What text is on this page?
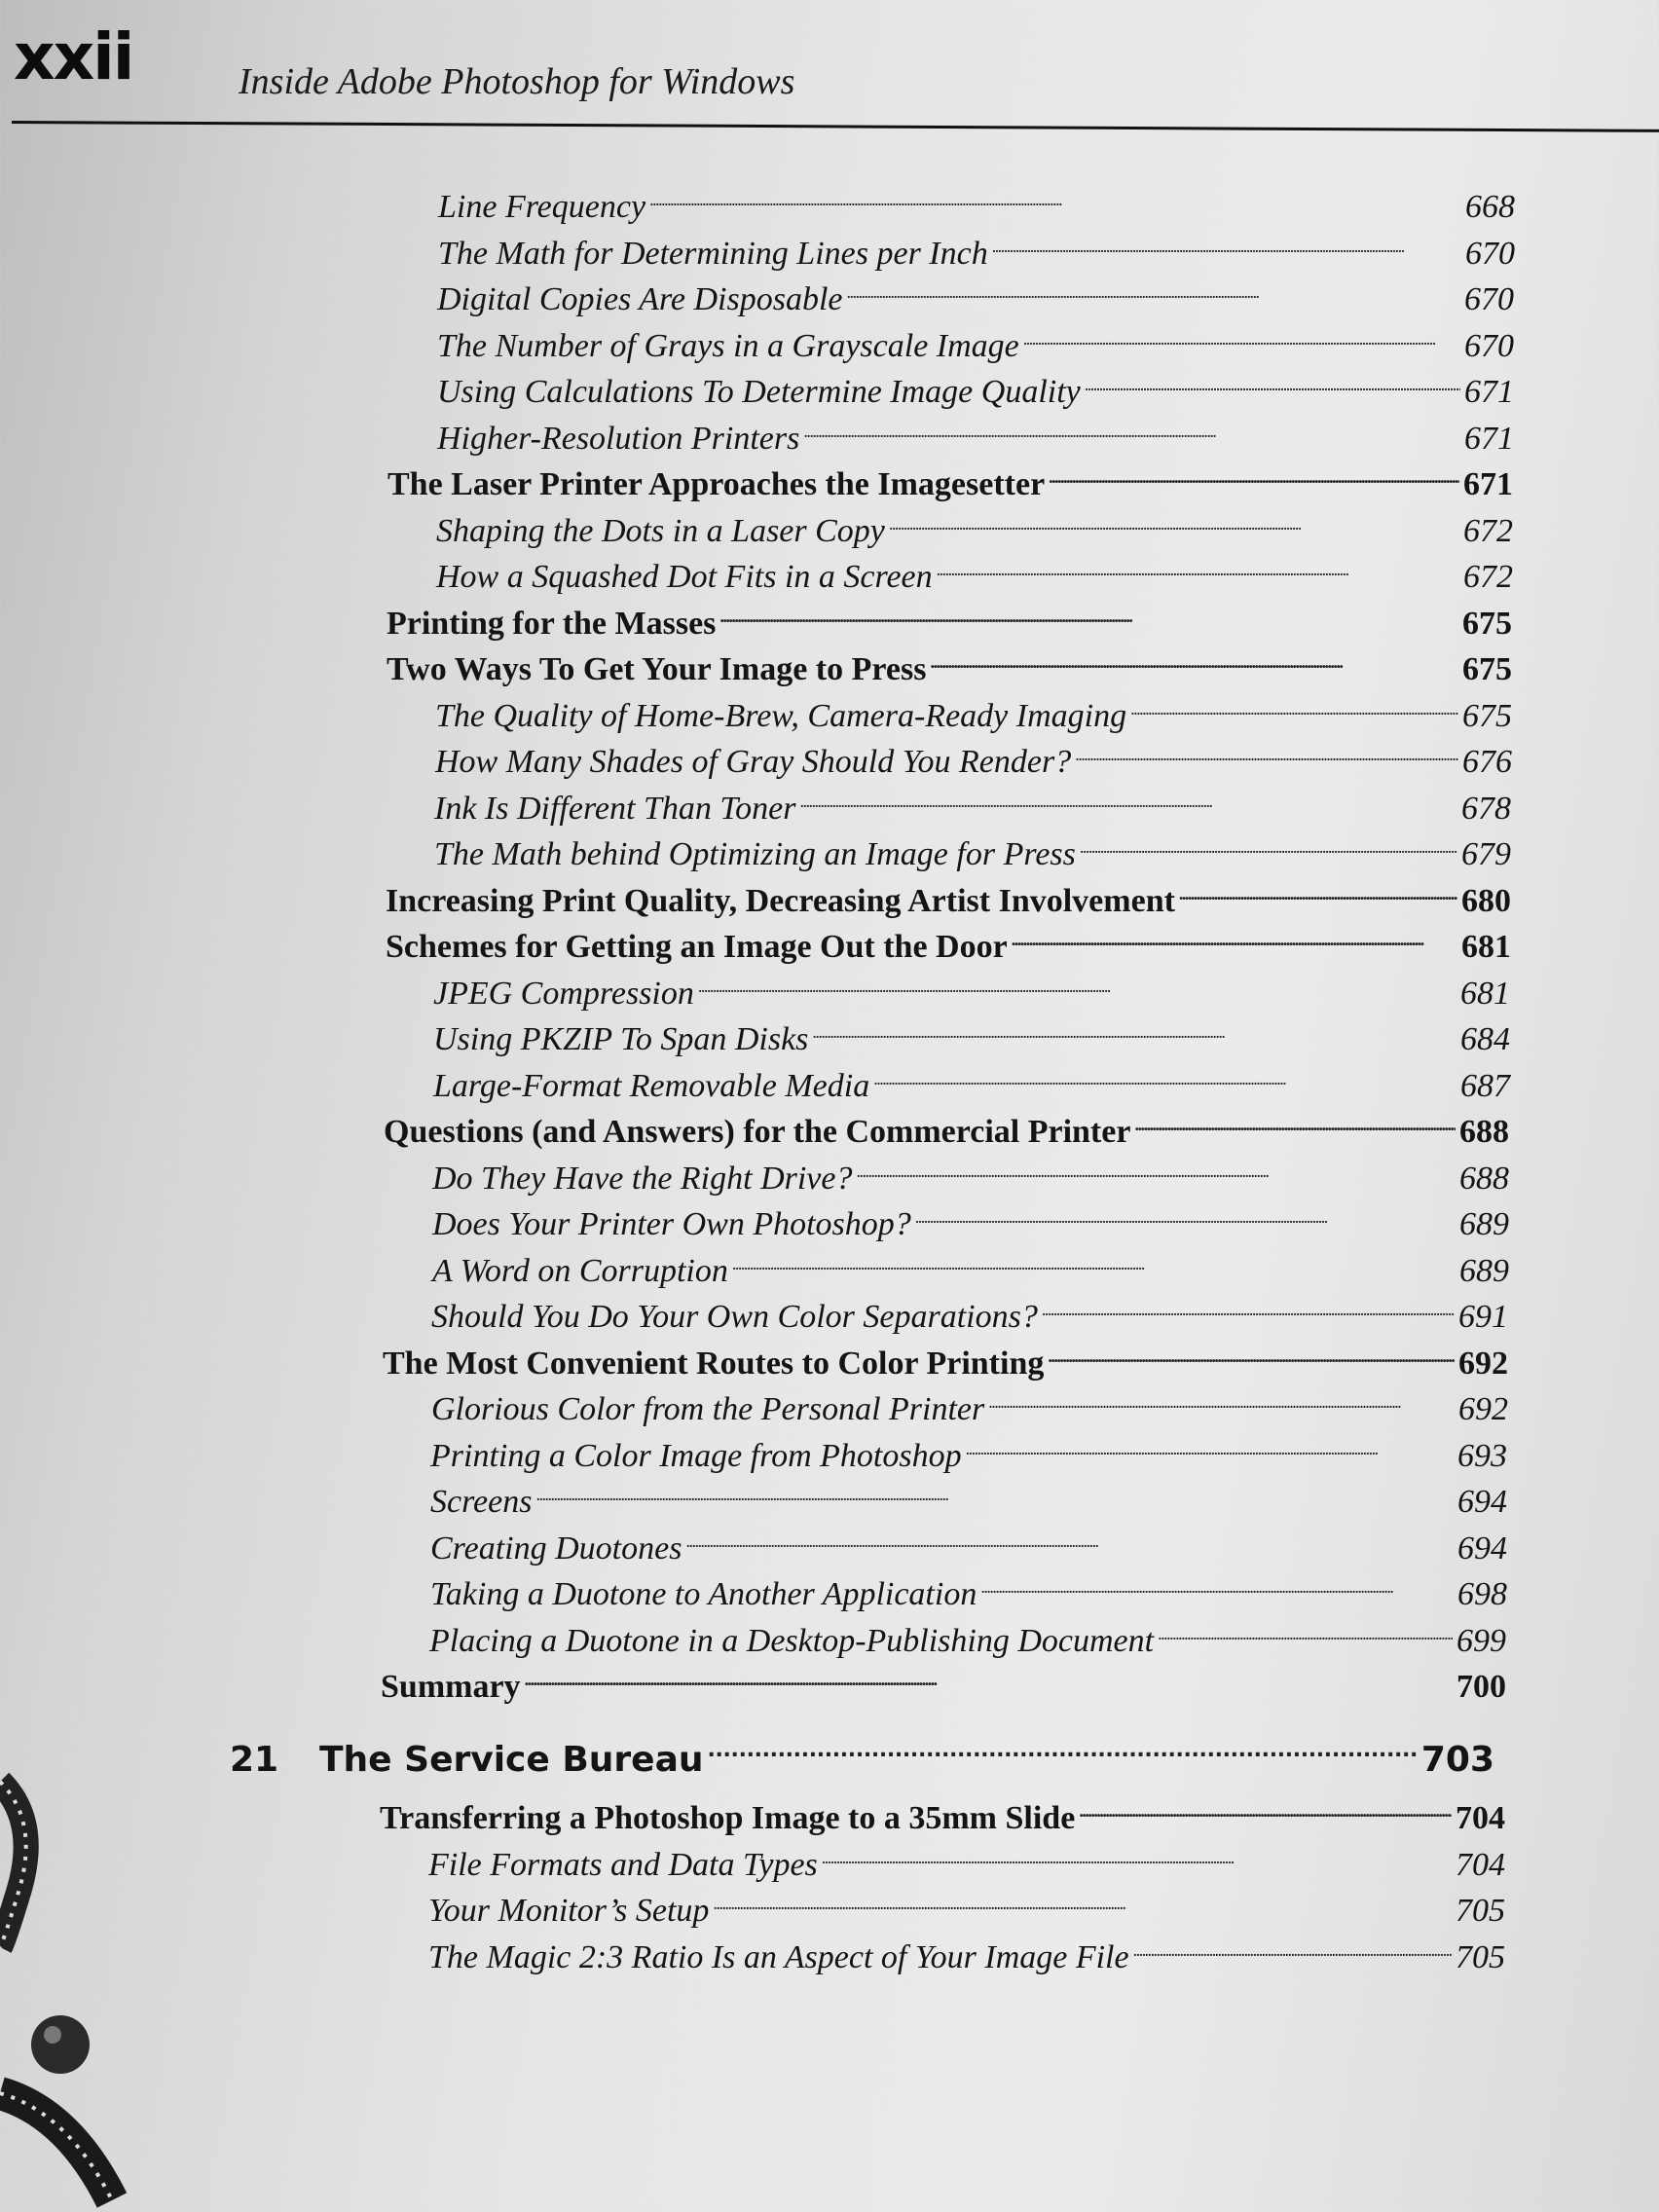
xxii	Inside Adobe Photoshop for Windows
Line Frequency . . .	668
The Math for Determining Lines per Inch . . .	670
Digital Copies Are Disposable . . .	670
The Number of Grays in a Grayscale Image . . .	670
Using Calculations To Determine Image Quality . . .	671
Higher-Resolution Printers . . .	671
The Laser Printer Approaches the Imagesetter . . .	671
Shaping the Dots in a Laser Copy . . .	672
How a Squashed Dot Fits in a Screen . . .	672
Printing for the Masses . . .	675
Two Ways To Get Your Image to Press . . .	675
The Quality of Home-Brew, Camera-Ready Imaging . . .	675
How Many Shades of Gray Should You Render? . . .	676
Ink Is Different Than Toner . . .	678
The Math behind Optimizing an Image for Press . . .	679
Increasing Print Quality, Decreasing Artist Involvement . . .	680
Schemes for Getting an Image Out the Door . . .	681
JPEG Compression . . .	681
Using PKZIP To Span Disks . . .	684
Large-Format Removable Media . . .	687
Questions (and Answers) for the Commercial Printer . . .	688
Do They Have the Right Drive? . . .	688
Does Your Printer Own Photoshop? . . .	689
A Word on Corruption . . .	689
Should You Do Your Own Color Separations? . . .	691
The Most Convenient Routes to Color Printing . . .	692
Glorious Color from the Personal Printer . . .	692
Printing a Color Image from Photoshop . . .	693
Screens . . .	694
Creating Duotones . . .	694
Taking a Duotone to Another Application . . .	698
Placing a Duotone in a Desktop-Publishing Document . . .	699
Summary . . .	700
21	The Service Bureau . . .	703
Transferring a Photoshop Image to a 35mm Slide . . .	704
File Formats and Data Types . . .	704
Your Monitor’s Setup . . .	705
The Magic 2:3 Ratio Is an Aspect of Your Image File . . .	705
